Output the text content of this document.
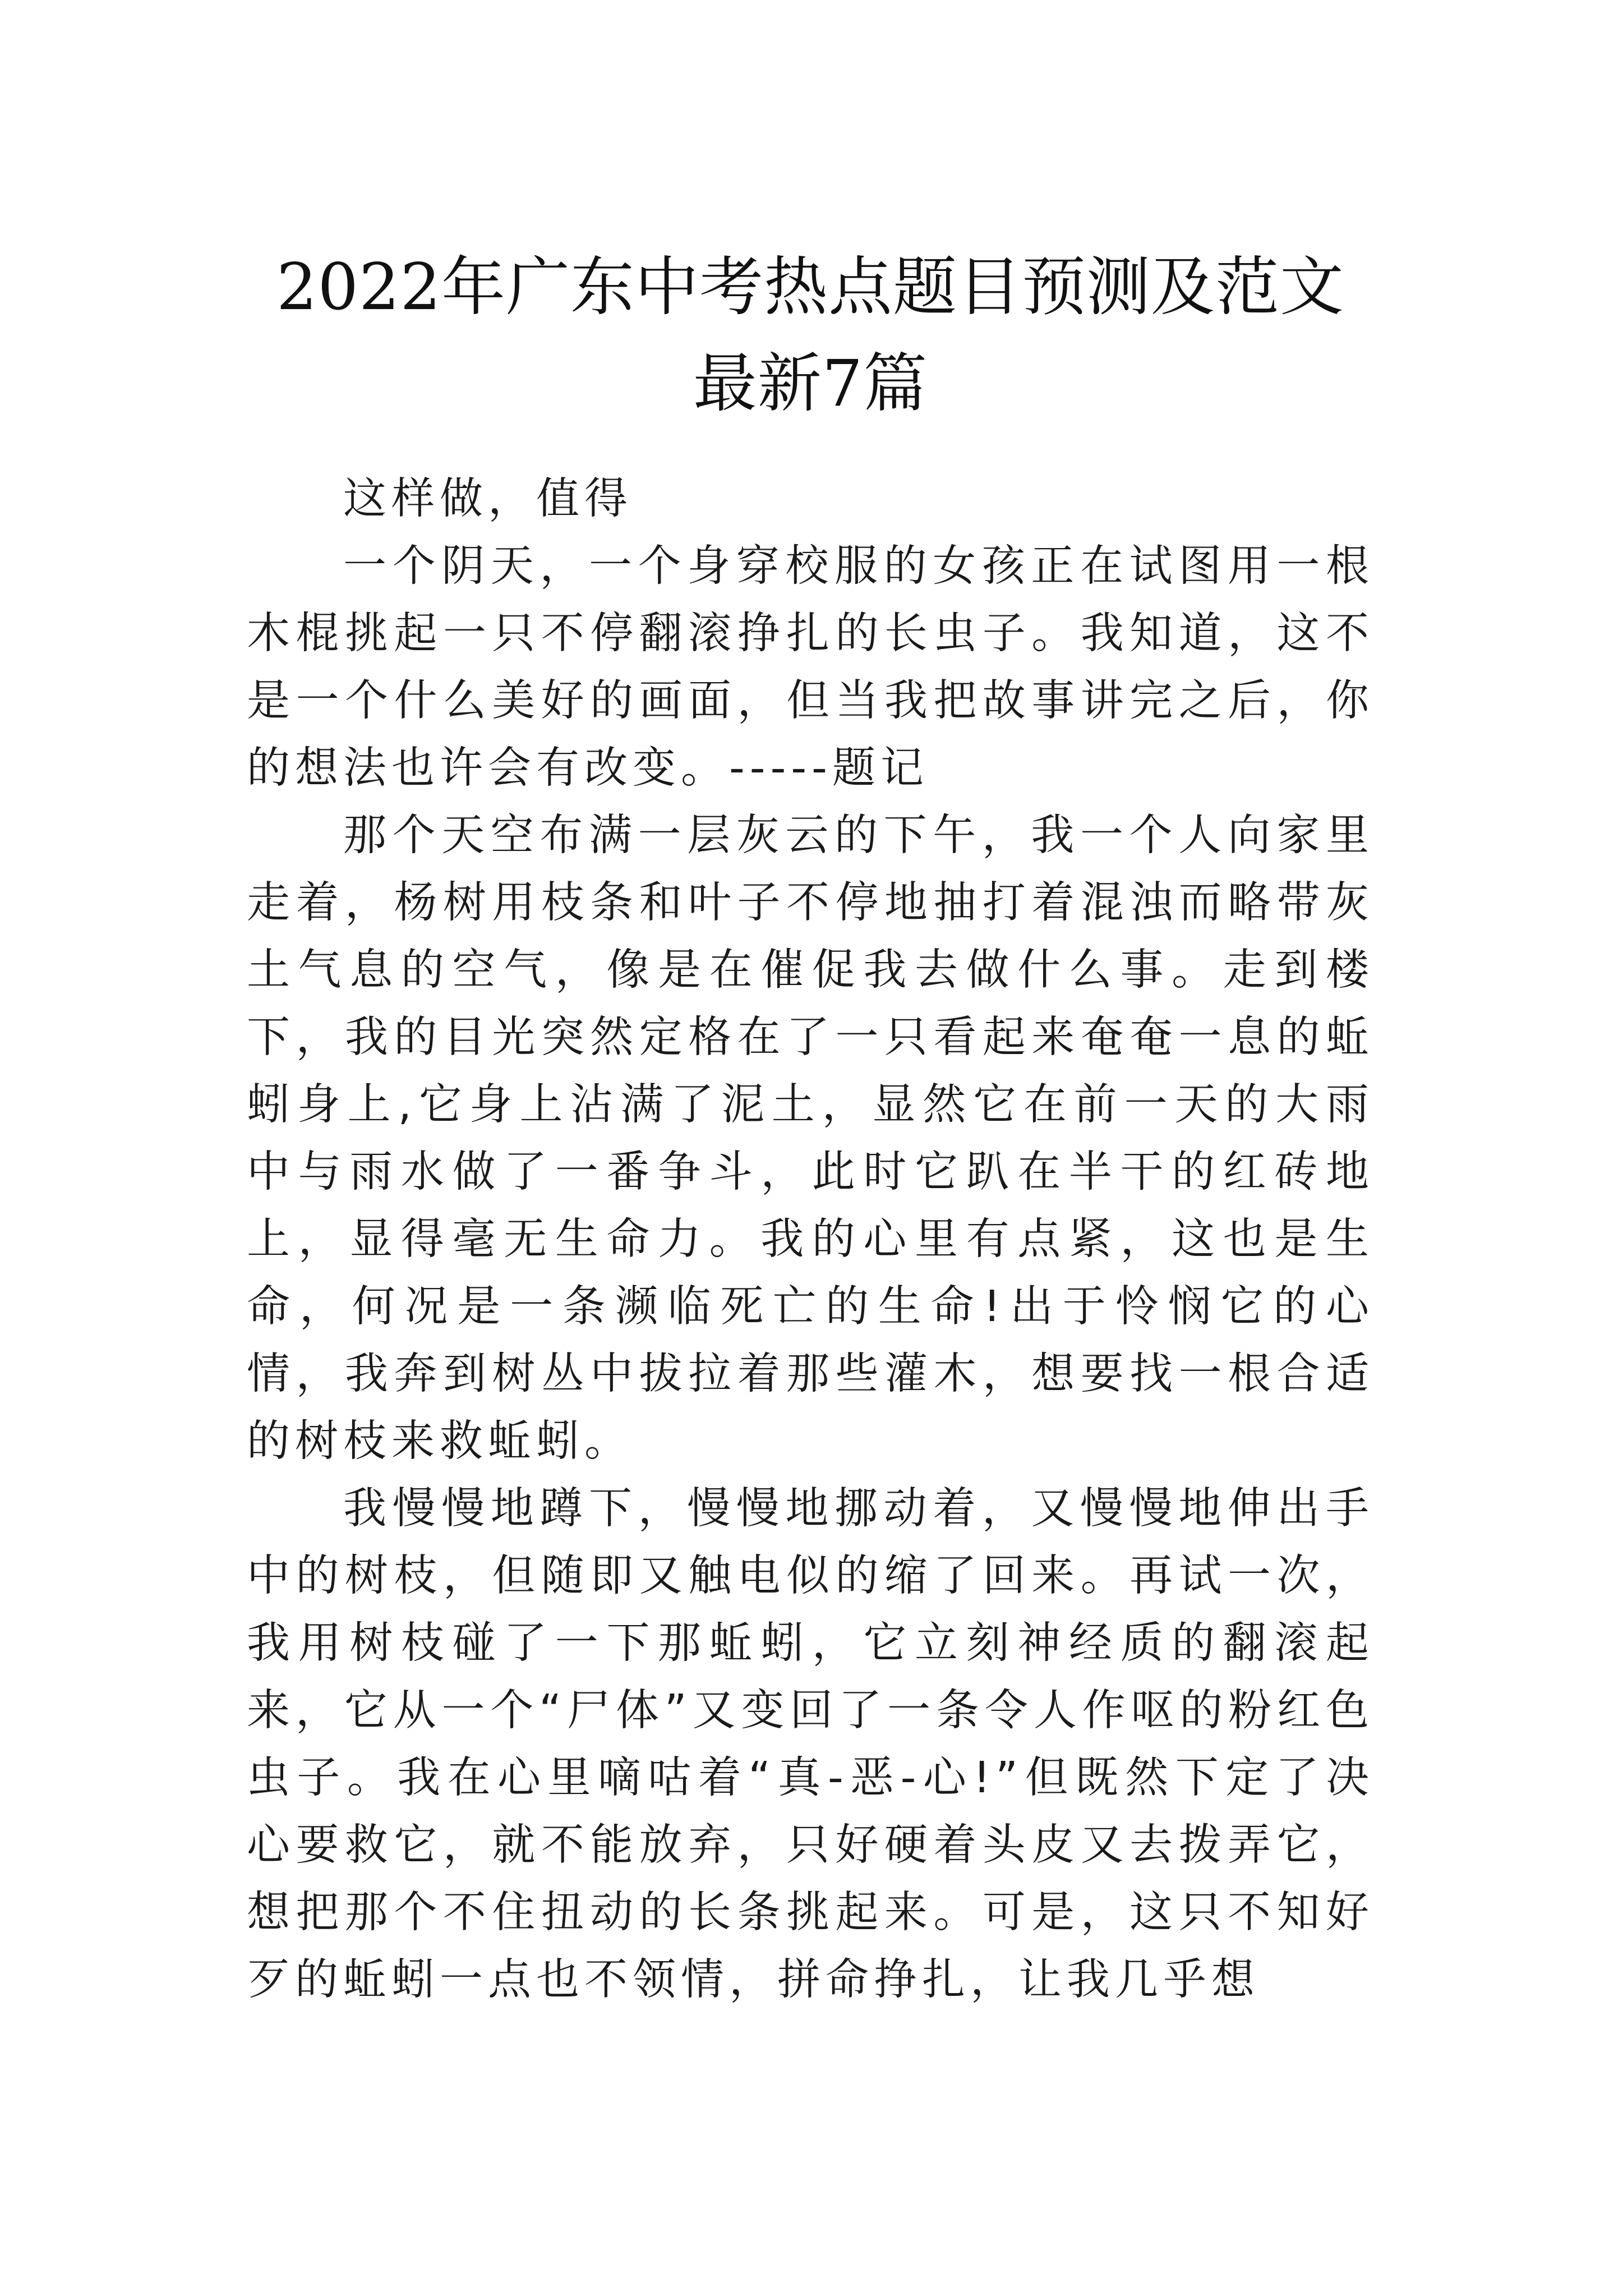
2022年广东中考热点题目预测及范文最新7篇

这样做，值得

一个阴天，一个身穿校服的女孩正在试图用一根木棍挑起一只不停翻滚挣扎的长虫子。我知道，这不是一个什么美好的画面，但当我把故事讲完之后，你的想法也许会有改变。-----题记

那个天空布满一层灰云的下午，我一个人向家里走着，杨树用枝条和叶子不停地抽打着混浊而略带灰土气息的空气，像是在催促我去做什么事。走到楼下，我的目光突然定格在了一只看起来奄奄一息的蚯蚓身上,它身上沾满了泥土，显然它在前一天的大雨中与雨水做了一番争斗，此时它趴在半干的红砖地上，显得毫无生命力。我的心里有点紧，这也是生命，何况是一条濒临死亡的生命!出于怜悯它的心情，我奔到树丛中拔拉着那些灌木，想要找一根合适的树枝来救蚯蚓。

我慢慢地蹲下，慢慢地挪动着，又慢慢地伸出手中的树枝，但随即又触电似的缩了回来。再试一次，我用树枝碰了一下那蚯蚓，它立刻神经质的翻滚起来，它从一个“尸体”又变回了一条令人作呕的粉红色虫子。我在心里嘀咕着“真-恶-心!”但既然下定了决心要救它，就不能放弃，只好硬着头皮又去拨弄它，想把那个不住扭动的长条挑起来。可是，这只不知好歹的蚯蚓一点也不领情，拼命挣扎，让我几乎想
